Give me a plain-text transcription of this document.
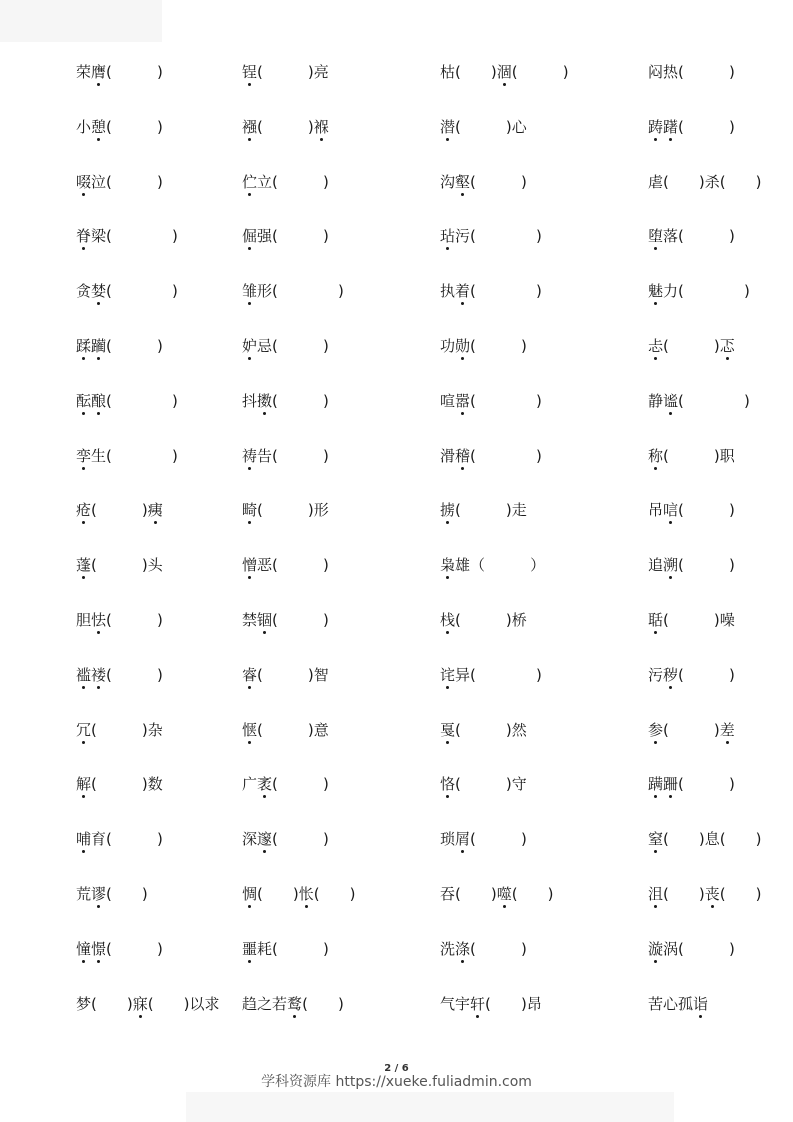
荣膺(　　　	)	锃(　　　	)亮	枯(　　 )涸(　　　	)	闷热(　　　	)
小憩(　　　	)	襁(　　　	)褓	潜(　　　	)心	踌躇(　　　	)
啜泣(　　　	)	伫立(　　　	)	沟壑(　　　	)	虐(　　 )杀(　　 )
脊梁(　　　　	)	倔强(　　　	)	玷污(　　　　	)	堕落(　　　	)
贪婪(　　　　	)	雏形(　　　　	)	执着(　　　　	)	魅力(　　　　	)
蹂躏(　　　	)	妒忌(　　　	)	功勋(　　　	)	忐(　　　	)忑
酝酿(　　　　	)	抖擞(　　　	)	喧嚣(　　　　	)	静谧(　　　　	)
孪生(　　　　	)	祷告(　　　	)	滑稽(　　　　	)	称(　　　	)职
疮(　　　	)痍	畸(　　　	)形	掳(　　　	)走	吊唁(　　　	)
蓬(　　　	)头	憎恶(　　　	)	枭雄（　　　	）	追溯(　　　	)
胆怯(　　　	)	禁锢(　　　	)	栈(　　　	)桥	聒(　　　	)噪
褴褛(　　　	)	睿(　　　	)智	诧异(　　　　	)	污秽(　　　	)
冗(　　　	)杂	惬(　　　	)意	戛(　　　	)然	参(　　　	)差
解(　　　	)数	广袤(　　　	)	恪(　　　	)守	蹒跚(　　　	)
哺育(　　　	)	深邃(　　　	)	琐屑(　　　	)	窒(　　 )息(　　 )
荒谬(　　 )	惆(　　 )怅(　　 )	吞(　　 )噬(　　 )	沮(　　 )丧(　　 )
憧憬(　　　	)	噩耗(　　　	)	洗涤(　　　	)	漩涡(　　　	)
梦(　　 )寐(　　 )以求 趋之若鹜(　　 )	气宇轩(　　 )昂	苦心孤诣
2 / 6
学科资源库 https://xueke.fuliadmin.com
